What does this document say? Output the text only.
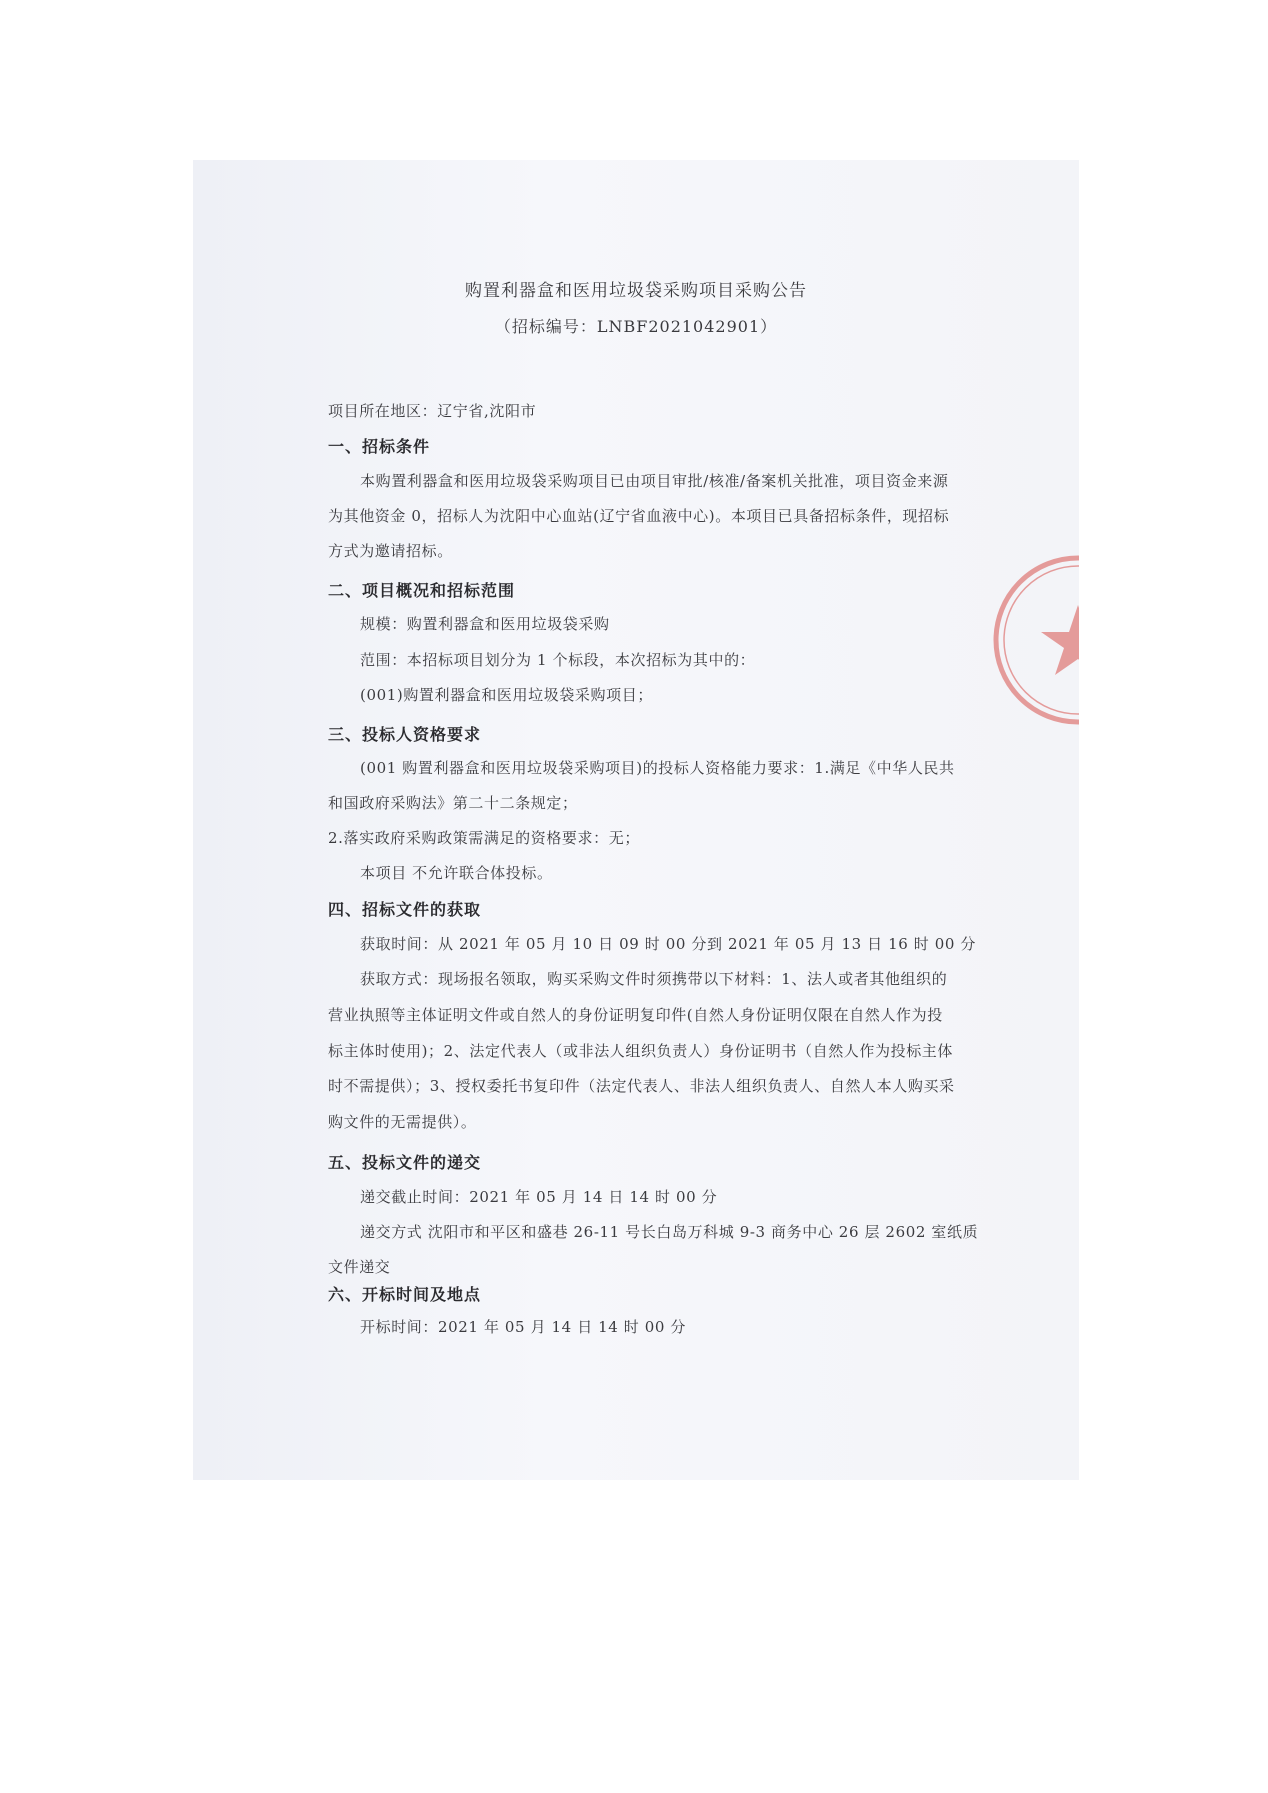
购置利器盒和医用垃圾袋采购项目采购公告
（招标编号：LNBF2021042901）
项目所在地区：辽宁省,沈阳市
一、招标条件
本购置利器盒和医用垃圾袋采购项目已由项目审批/核准/备案机关批准，项目资金来源
为其他资金 0，招标人为沈阳中心血站(辽宁省血液中心)。本项目已具备招标条件，现招标
方式为邀请招标。
二、项目概况和招标范围
规模：购置利器盒和医用垃圾袋采购
范围：本招标项目划分为 1 个标段，本次招标为其中的：
(001)购置利器盒和医用垃圾袋采购项目；
三、投标人资格要求
(001 购置利器盒和医用垃圾袋采购项目)的投标人资格能力要求：1.满足《中华人民共
和国政府采购法》第二十二条规定；
2.落实政府采购政策需满足的资格要求：无；
本项目 不允许联合体投标。
四、招标文件的获取
获取时间：从 2021 年 05 月 10 日 09 时 00 分到 2021 年 05 月 13 日 16 时 00 分
获取方式：现场报名领取，购买采购文件时须携带以下材料：1、法人或者其他组织的
营业执照等主体证明文件或自然人的身份证明复印件(自然人身份证明仅限在自然人作为投
标主体时使用)；2、法定代表人（或非法人组织负责人）身份证明书（自然人作为投标主体
时不需提供）；3、授权委托书复印件（法定代表人、非法人组织负责人、自然人本人购买采
购文件的无需提供）。
五、投标文件的递交
递交截止时间：2021 年 05 月 14 日 14 时 00 分
递交方式 沈阳市和平区和盛巷 26-11 号长白岛万科城 9-3 商务中心 26 层 2602 室纸质
文件递交
六、开标时间及地点
开标时间：2021 年 05 月 14 日 14 时 00 分
